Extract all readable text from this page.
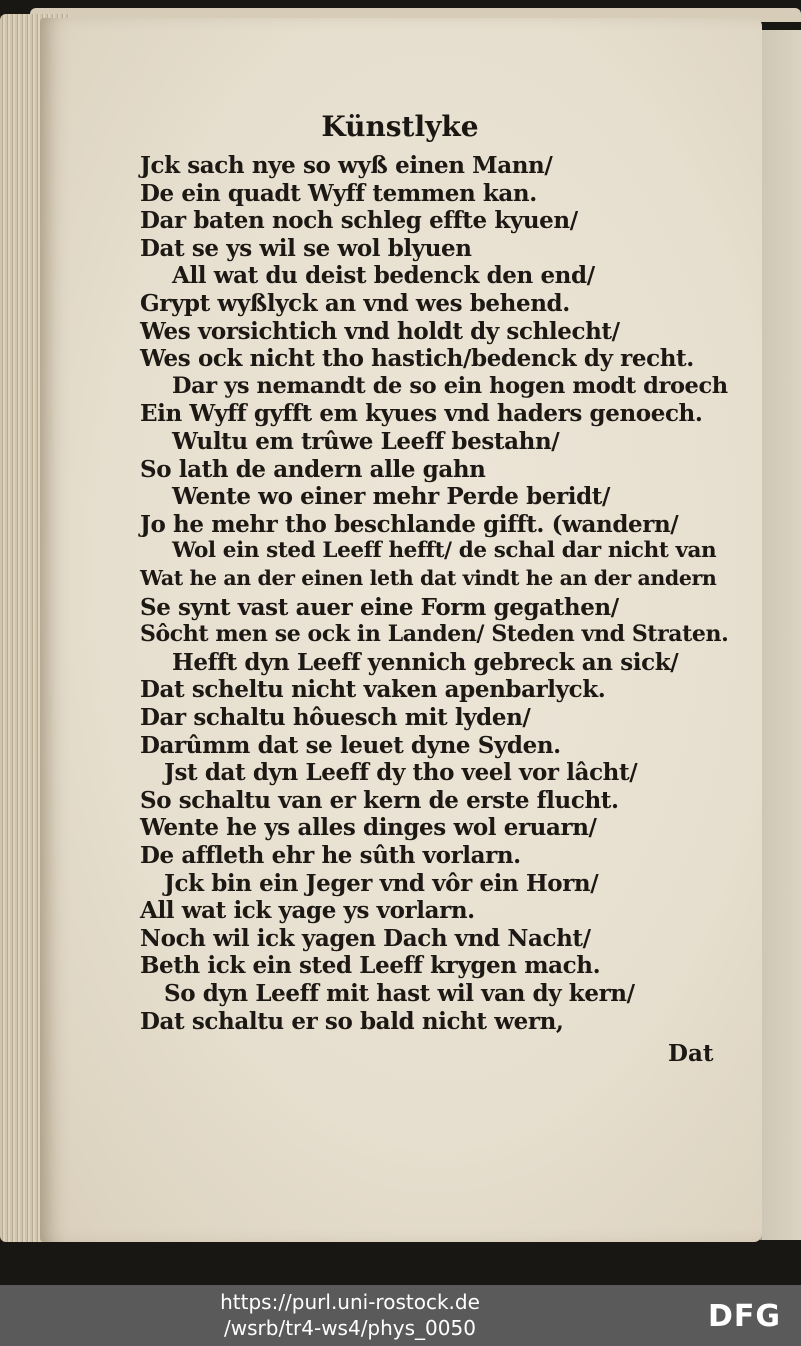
Künstlyke
Jck sach nye so wyß einen Mann/
De ein quadt Wyff temmen kan.
Dar baten noch schleg effte kyuen/
Dat se ys wil se wol blyuen
All wat du deist bedenck den end/
Grypt wyßlyck an vnd wes behend.
Wes vorsichtich vnd holdt dy schlecht/
Wes ock nicht tho hastich/bedenck dy recht.
Dar ys nemandt de so ein hogen modt droech
Ein Wyff gyfft em kyues vnd haders genoech.
Wultu em trûwe Leeff bestahn/
So lath de andern alle gahn
Wente wo einer mehr Perde beridt/
Jo he mehr tho beschlande gifft. (wandern/
Wol ein sted Leeff hefft/ de schal dar nicht van
Wat he an der einen leth dat vindt he an der andern
Se synt vast auer eine Form gegathen/
Sôcht men se ock in Landen/ Steden vnd Straten.
Hefft dyn Leeff yennich gebreck an sick/
Dat scheltu nicht vaken apenbarlyck.
Dar schaltu hôuesch mit lyden/
Darûmm dat se leuet dyne Syden.
Jst dat dyn Leeff dy tho veel vor lâcht/
So schaltu van er kern de erste flucht.
Wente he ys alles dinges wol eruarn/
De affleth ehr he sûth vorlarn.
Jck bin ein Jeger vnd vôr ein Horn/
All wat ick yage ys vorlarn.
Noch wil ick yagen Dach vnd Nacht/
Beth ick ein sted Leeff krygen mach.
So dyn Leeff mit hast wil van dy kern/
Dat schaltu er so bald nicht wern,
Dat
https://purl.uni-rostock.de
/wsrb/tr4-ws4/phys_0050	DFG
